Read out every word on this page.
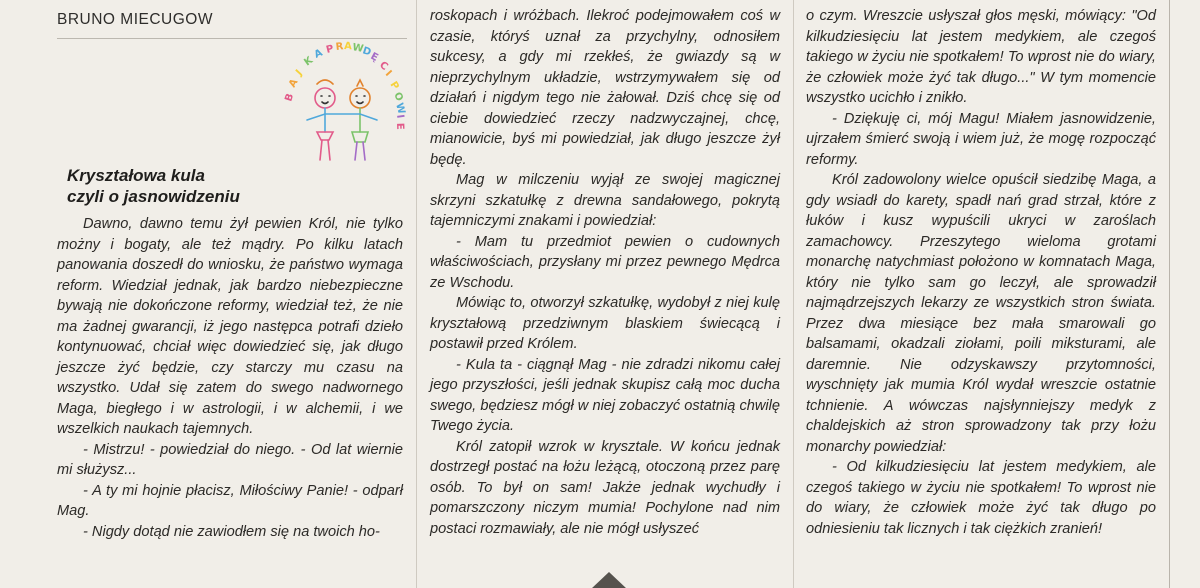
BRUNO MIECUGOW
B
A
J
K
A P R A W
D
Ę
C
I
P
O
W
I
E
Kryształowa kula
czyli o jasnowidzeniu

Dawno, dawno temu żył pewien Król, nie tylko możny i bogaty, ale też mądry. Po kilku latach panowania doszedł do wniosku, że państwo wymaga reform. Wiedział jednak, jak bardzo niebezpieczne bywają nie dokończone reformy, wiedział też, że nie ma żadnej gwarancji, iż jego następca potrafi dzieło kontynuować, chciał więc dowiedzieć się, jak długo jeszcze żyć będzie, czy starczy mu czasu na wszystko. Udał się zatem do swego nadwornego Maga, biegłego i w astrologii, i w alchemii, i we wszelkich naukach tajemnych.

- Mistrzu! - powiedział do niego. - Od lat wiernie mi służysz...

- A ty mi hojnie płacisz, Miłościwy Panie! - odparł Mag.

- Nigdy dotąd nie zawiodłem się na twoich ho-

roskopach i wróżbach. Ilekroć podejmowałem coś w czasie, któryś uznał za przychylny, odnosiłem sukcesy, a gdy mi rzekłeś, że gwiazdy są w nieprzychylnym układzie, wstrzymywałem się od działań i nigdym tego nie żałował. Dziś chcę się od ciebie dowiedzieć rzeczy nadzwyczajnej, chcę, mianowicie, byś mi powiedział, jak długo jeszcze żył będę.

Mag w milczeniu wyjął ze swojej magicznej skrzyni szkatułkę z drewna sandałowego, pokrytą tajemniczymi znakami i powiedział:

- Mam tu przedmiot pewien o cudownych właściwościach, przysłany mi przez pewnego Mędrca ze Wschodu.

Mówiąc to, otworzył szkatułkę, wydobył z niej kulę kryształową przedziwnym blaskiem świecącą i postawił przed Królem.

- Kula ta - ciągnął Mag - nie zdradzi nikomu całej jego przyszłości, jeśli jednak skupisz całą moc ducha swego, będziesz mógł w niej zobaczyć ostatnią chwilę Twego życia.

Król zatopił wzrok w krysztale. W końcu jednak dostrzegł postać na łożu leżącą, otoczoną przez parę osób. To był on sam! Jakże jednak wychudły i pomarszczony niczym mumia! Pochylone nad nim postaci rozmawiały, ale nie mógł usłyszeć

o czym. Wreszcie usłyszał głos męski, mówiący: "Od kilkudziesięciu lat jestem medykiem, ale czegoś takiego w życiu nie spotkałem! To wprost nie do wiary, że człowiek może żyć tak długo..." W tym momencie wszystko ucichło i znikło.

- Dziękuję ci, mój Magu! Miałem jasnowidzenie, ujrzałem śmierć swoją i wiem już, że mogę rozpocząć reformy.

Król zadowolony wielce opuścił siedzibę Maga, a gdy wsiadł do karety, spadł nań grad strzał, które z łuków i kusz wypuścili ukryci w zaroślach zamachowcy. Przeszytego wieloma grotami monarchę natychmiast położono w komnatach Maga, który nie tylko sam go leczył, ale sprowadził najmądrzejszych lekarzy ze wszystkich stron świata. Przez dwa miesiące bez mała smarowali go balsamami, okadzali ziołami, poili miksturami, ale daremnie. Nie odzyskawszy przytomności, wyschnięty jak mumia Król wydał wreszcie ostatnie tchnienie. A wówczas najsłynniejszy medyk z chaldejskich aż stron sprowadzony tak przy łożu monarchy powiedział:

- Od kilkudziesięciu lat jestem medykiem, ale czegoś takiego w życiu nie spotkałem! To wprost nie do wiary, że człowiek może żyć tak długo po odniesieniu tak licznych i tak ciężkich zranień!
